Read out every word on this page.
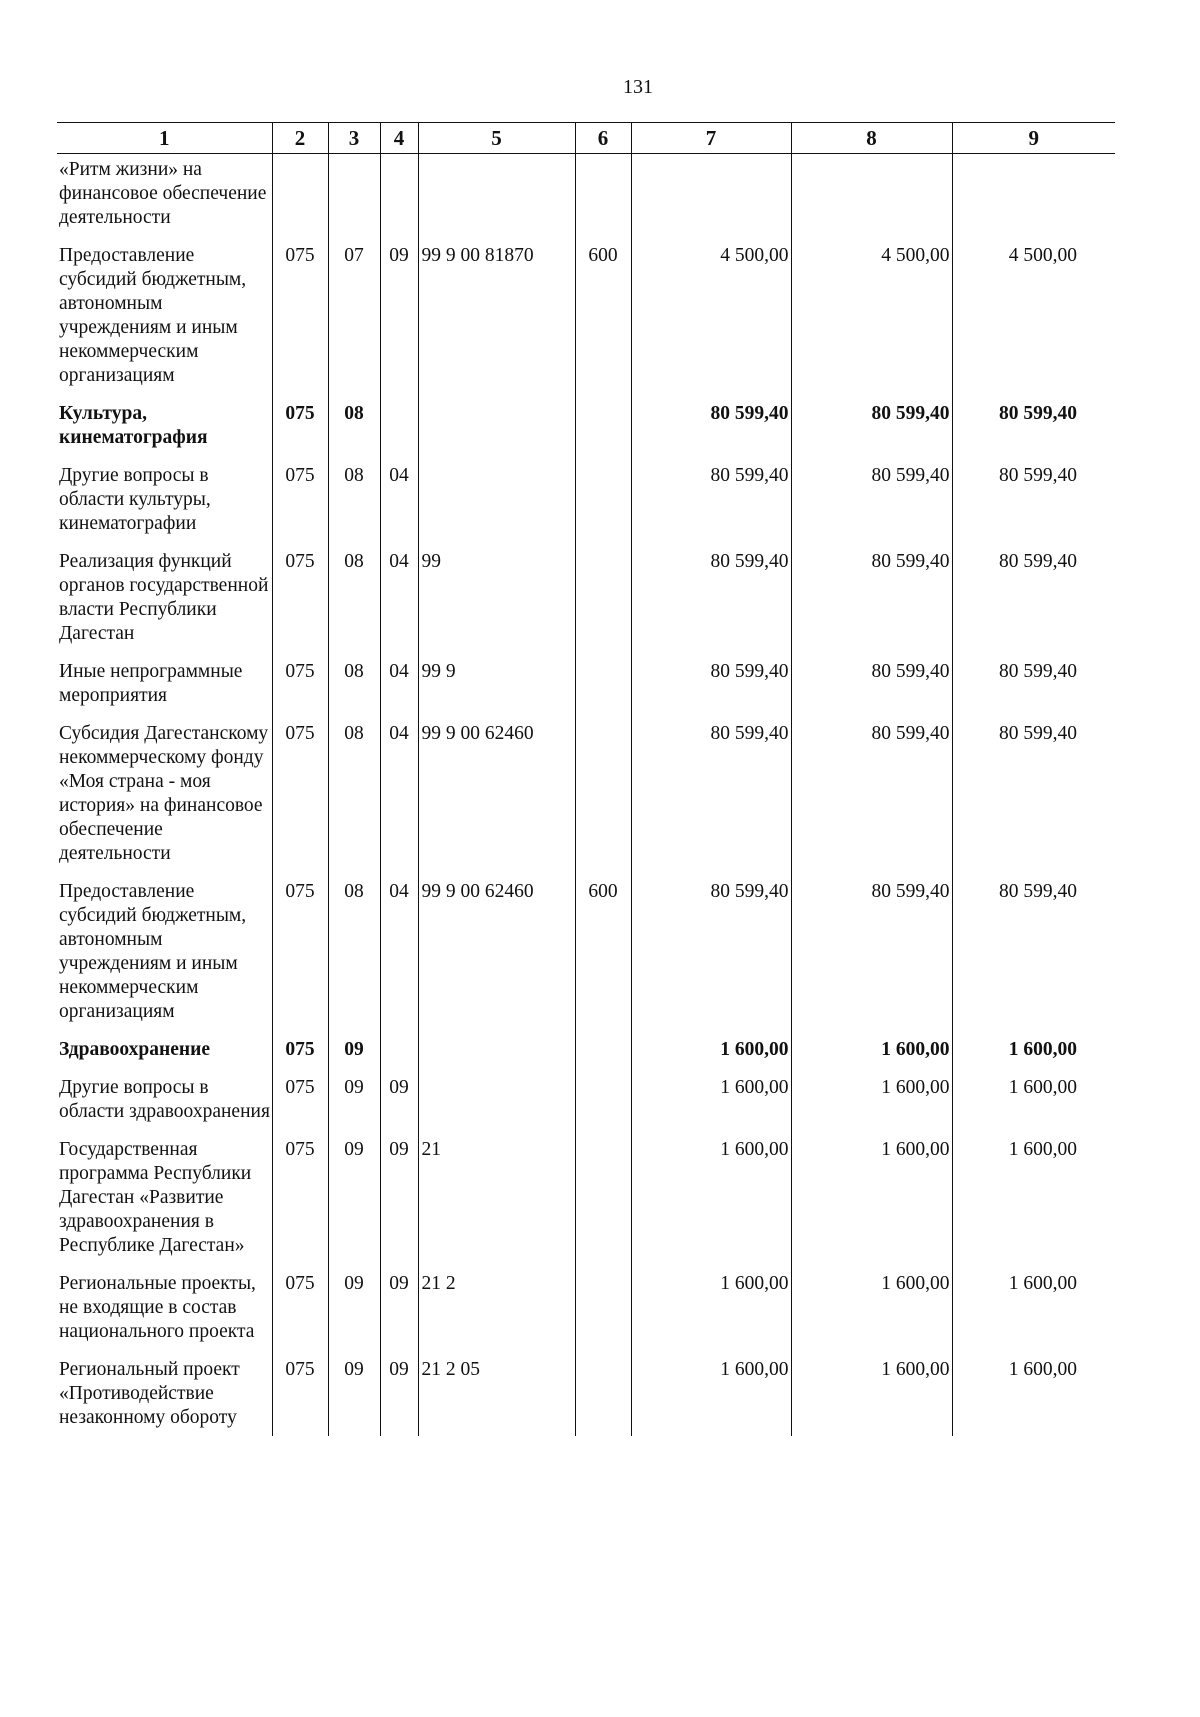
131
1	2	3	4	5	6	7	8	9
«Ритм жизни» на финансовое обеспечение деятельности								
Предоставление субсидий бюджетным, автономным учреждениям и иным некоммерческим организациям	075	07	09	99 9 00 81870	600	4 500,00	4 500,00	4 500,00
Культура, кинематография	075	08				80 599,40	80 599,40	80 599,40
Другие вопросы в области культуры, кинематографии	075	08	04			80 599,40	80 599,40	80 599,40
Реализация функций органов государственной власти Республики Дагестан	075	08	04	99		80 599,40	80 599,40	80 599,40
Иные непрограммные мероприятия	075	08	04	99 9		80 599,40	80 599,40	80 599,40
Субсидия Дагестанскому некоммерческому фонду «Моя страна - моя история» на финансовое обеспечение деятельности	075	08	04	99 9 00 62460		80 599,40	80 599,40	80 599,40
Предоставление субсидий бюджетным, автономным учреждениям и иным некоммерческим организациям	075	08	04	99 9 00 62460	600	80 599,40	80 599,40	80 599,40
Здравоохранение	075	09				1 600,00	1 600,00	1 600,00
Другие вопросы в области здравоохранения	075	09	09			1 600,00	1 600,00	1 600,00
Государственная программа Республики Дагестан «Развитие здравоохранения в Республике Дагестан»	075	09	09	21		1 600,00	1 600,00	1 600,00
Региональные проекты, не входящие в состав национального проекта	075	09	09	21 2		1 600,00	1 600,00	1 600,00
Региональный проект «Противодействие незаконному обороту	075	09	09	21 2 05		1 600,00	1 600,00	1 600,00
